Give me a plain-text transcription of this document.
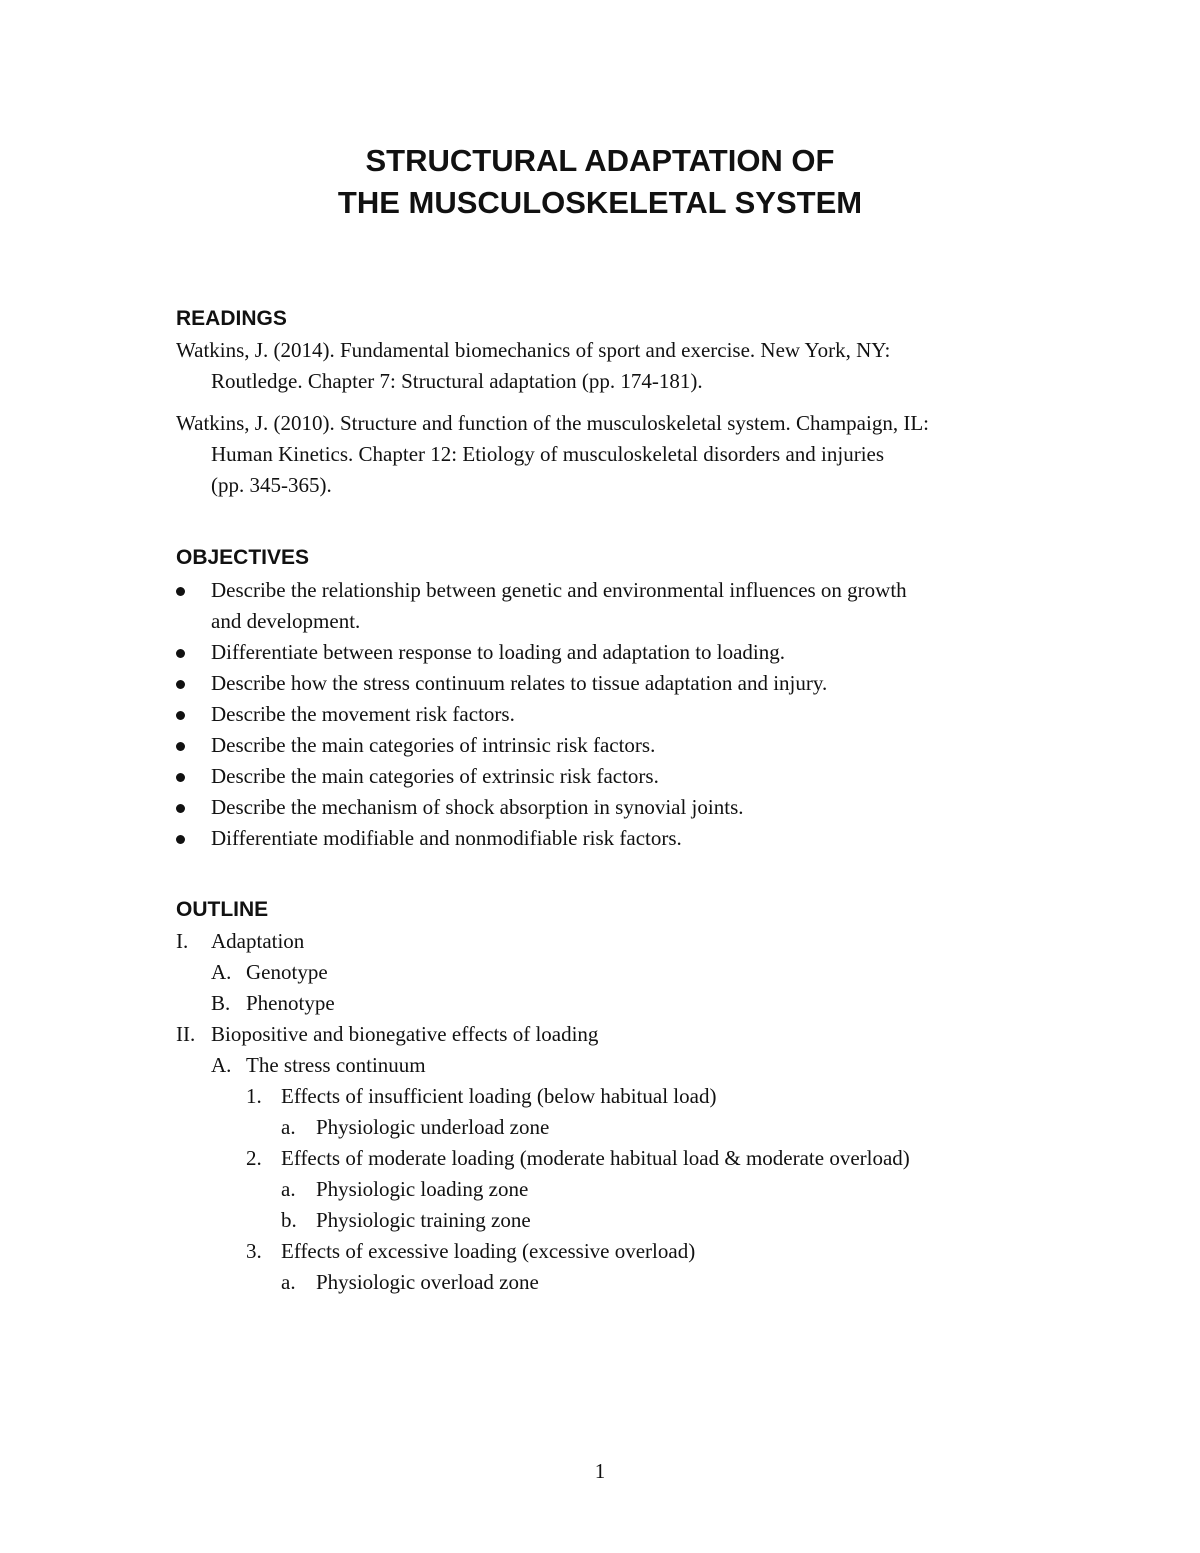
STRUCTURAL ADAPTATION OF
THE MUSCULOSKELETAL SYSTEM
READINGS
Watkins, J. (2014). Fundamental biomechanics of sport and exercise. New York, NY:
Routledge. Chapter 7: Structural adaptation (pp. 174-181).
Watkins, J. (2010). Structure and function of the musculoskeletal system. Champaign, IL:
Human Kinetics. Chapter 12: Etiology of musculoskeletal disorders and injuries
(pp. 345-365).
OBJECTIVES
Describe the relationship between genetic and environmental influences on growth
and development.
Differentiate between response to loading and adaptation to loading.
Describe how the stress continuum relates to tissue adaptation and injury.
Describe the movement risk factors.
Describe the main categories of intrinsic risk factors.
Describe the main categories of extrinsic risk factors.
Describe the mechanism of shock absorption in synovial joints.
Differentiate modifiable and nonmodifiable risk factors.
OUTLINE
I. Adaptation
A. Genotype
B. Phenotype
II. Biopositive and bionegative effects of loading
A. The stress continuum
1. Effects of insufficient loading (below habitual load)
a. Physiologic underload zone
2. Effects of moderate loading (moderate habitual load & moderate overload)
a. Physiologic loading zone
b. Physiologic training zone
3. Effects of excessive loading (excessive overload)
a. Physiologic overload zone
1
